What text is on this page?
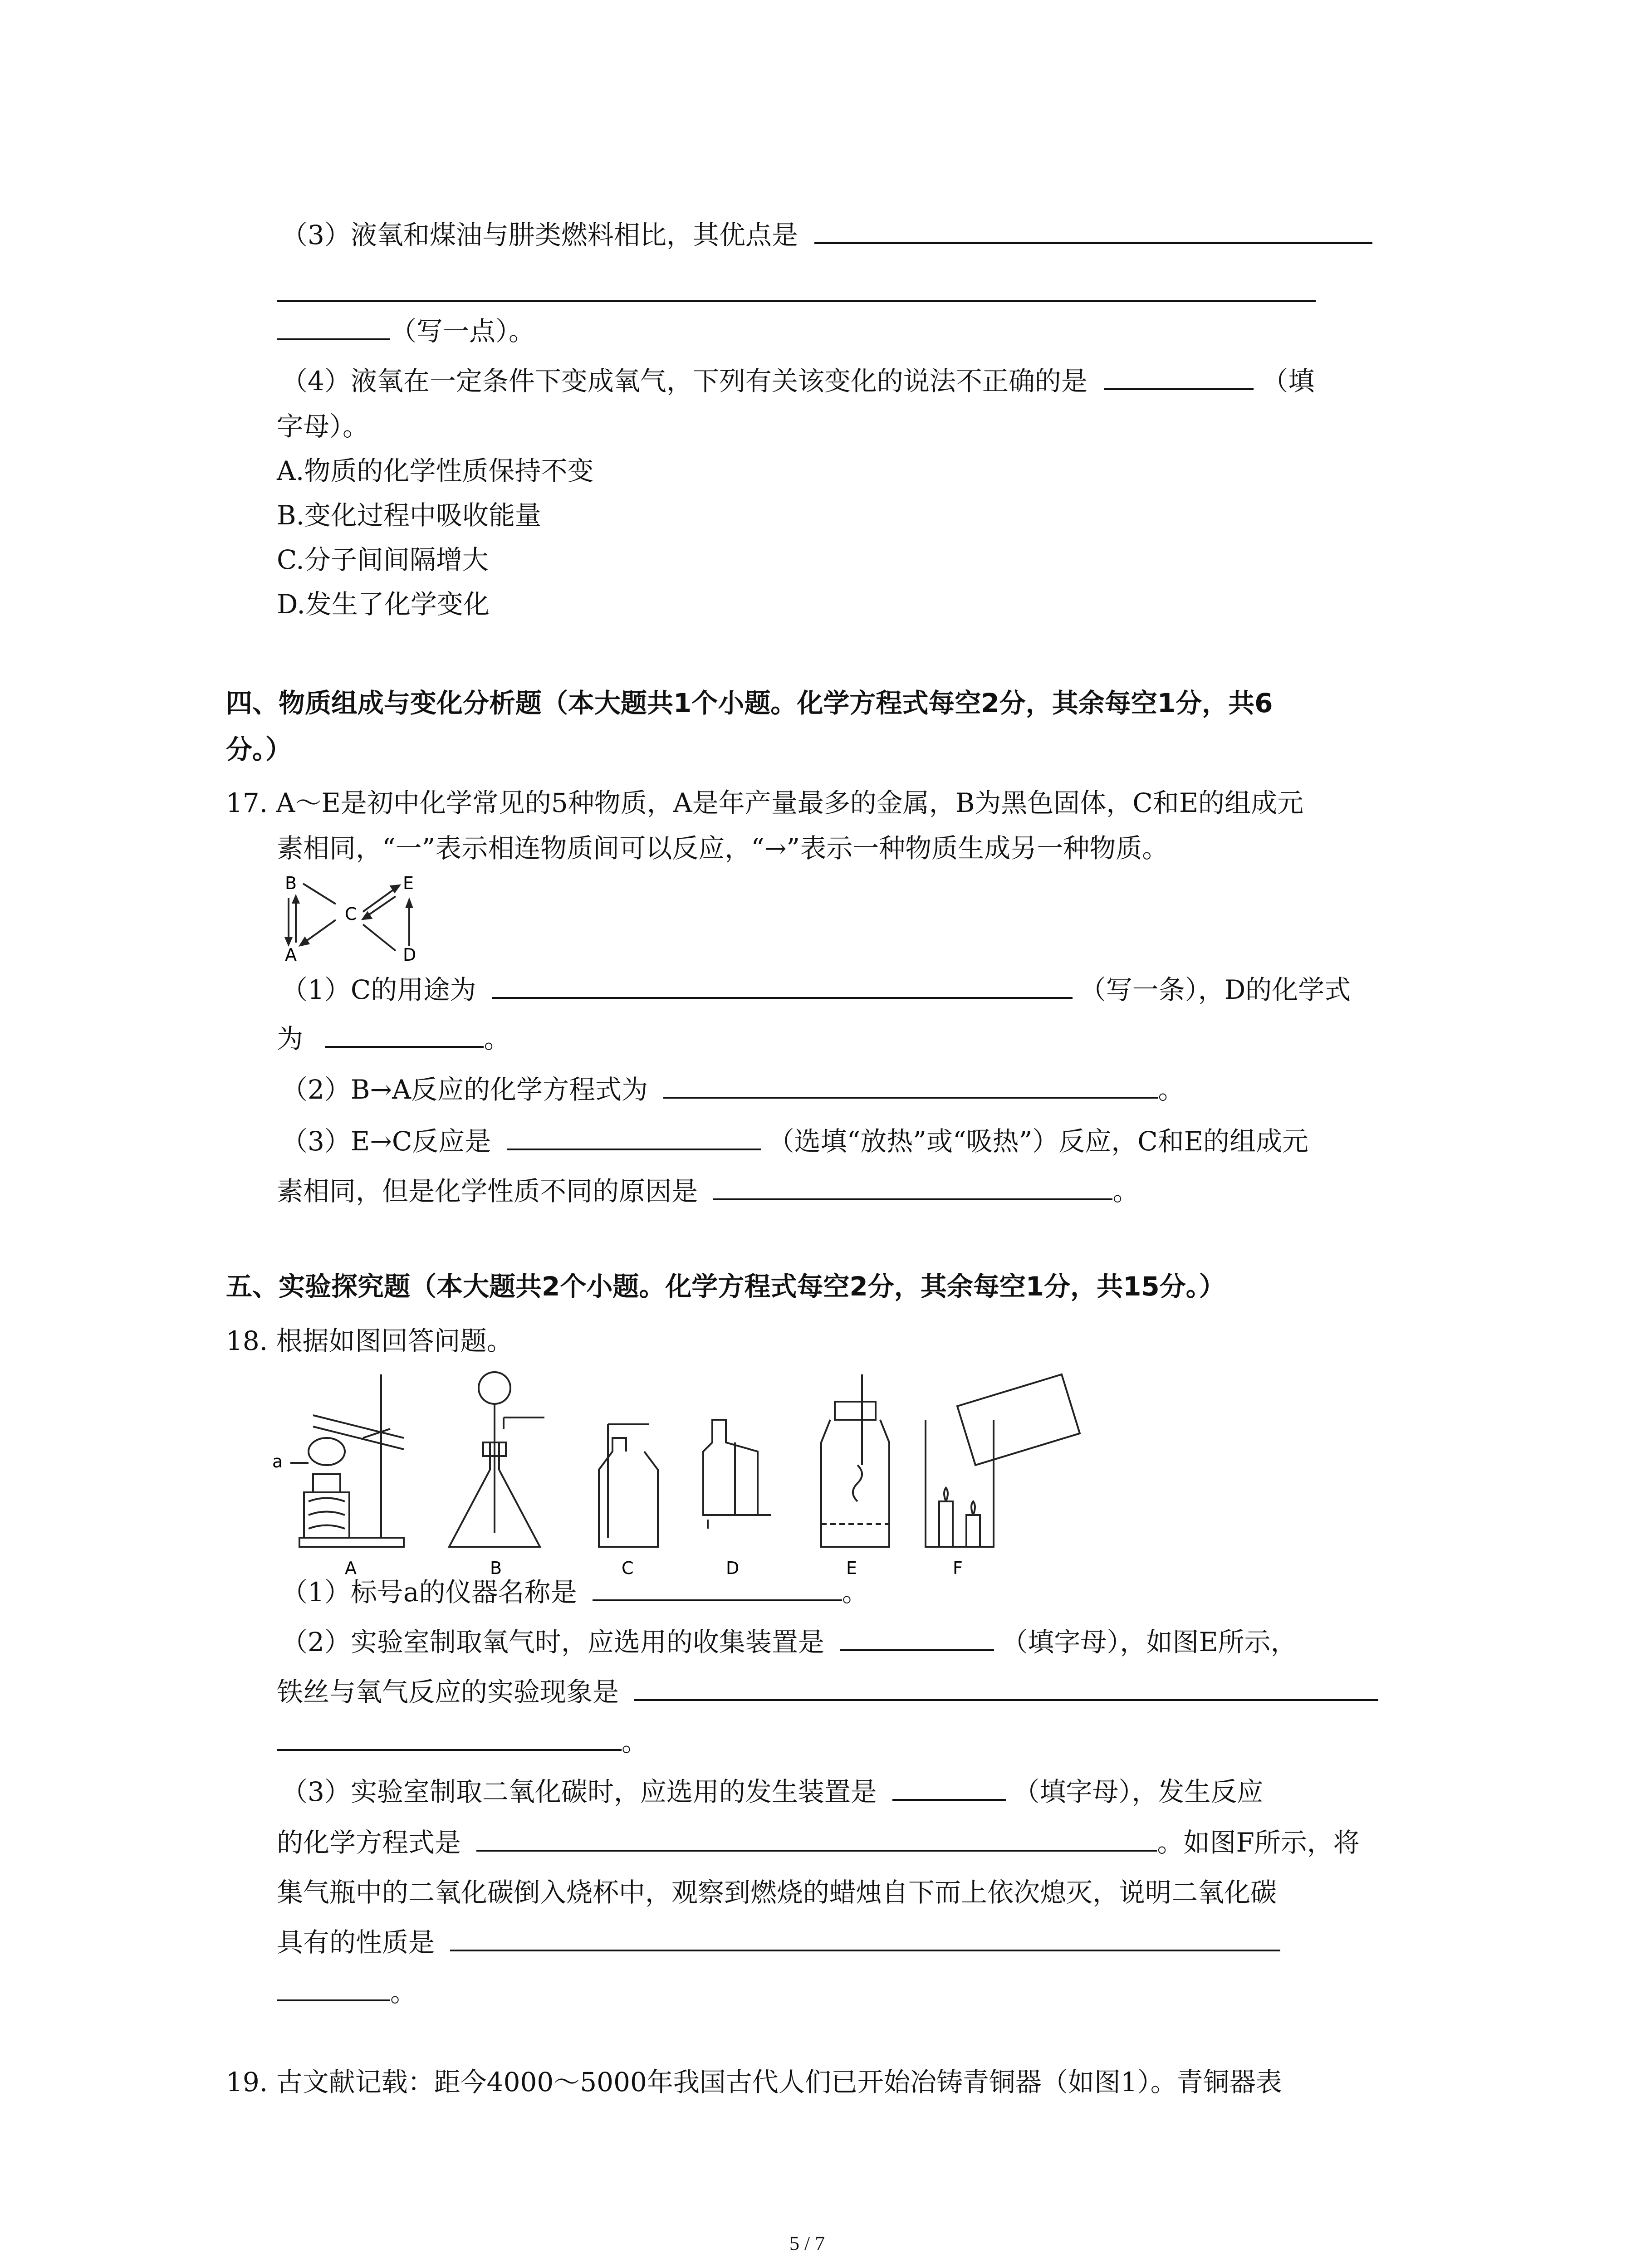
（3）液氧和煤油与肼类燃料相比，其优点是
（写一点）。
（4）液氧在一定条件下变成氧气，下列有关该变化的说法不正确的是	（填
字母）。
A.物质的化学性质保持不变
B.变化过程中吸收能量
C.分子间间隔增大
D.发生了化学变化
四、物质组成与变化分析题（本大题共1个小题。化学方程式每空2分，其余每空1分，共6
分。）
17. A～E是初中化学常见的5种物质，A是年产量最多的金属，B为黑色固体，C和E的组成元
素相同，“一”表示相连物质间可以反应，“→”表示一种物质生成另一种物质。
B
C
E
A	D
（1）C的用途为	（写一条），D的化学式
为	。
（2）B→A反应的化学方程式为	。
（3）E→C反应是	（选填“放热”或“吸热”）反应，C和E的组成元
素相同，但是化学性质不同的原因是	。
五、实验探究题（本大题共2个小题。化学方程式每空2分，其余每空1分，共15分。）
18. 根据如图回答问题。
a
A	B	C	D	E	F
（1）标号a的仪器名称是	。
（2）实验室制取氧气时，应选用的收集装置是	（填字母），如图E所示，
铁丝与氧气反应的实验现象是
。
（3）实验室制取二氧化碳时，应选用的发生装置是	（填字母），发生反应
的化学方程式是	。如图F所示，将
集气瓶中的二氧化碳倒入烧杯中，观察到燃烧的蜡烛自下而上依次熄灭，说明二氧化碳
具有的性质是
。
19. 古文献记载：距今4000～5000年我国古代人们已开始冶铸青铜器（如图1）。青铜器表
5 / 7
